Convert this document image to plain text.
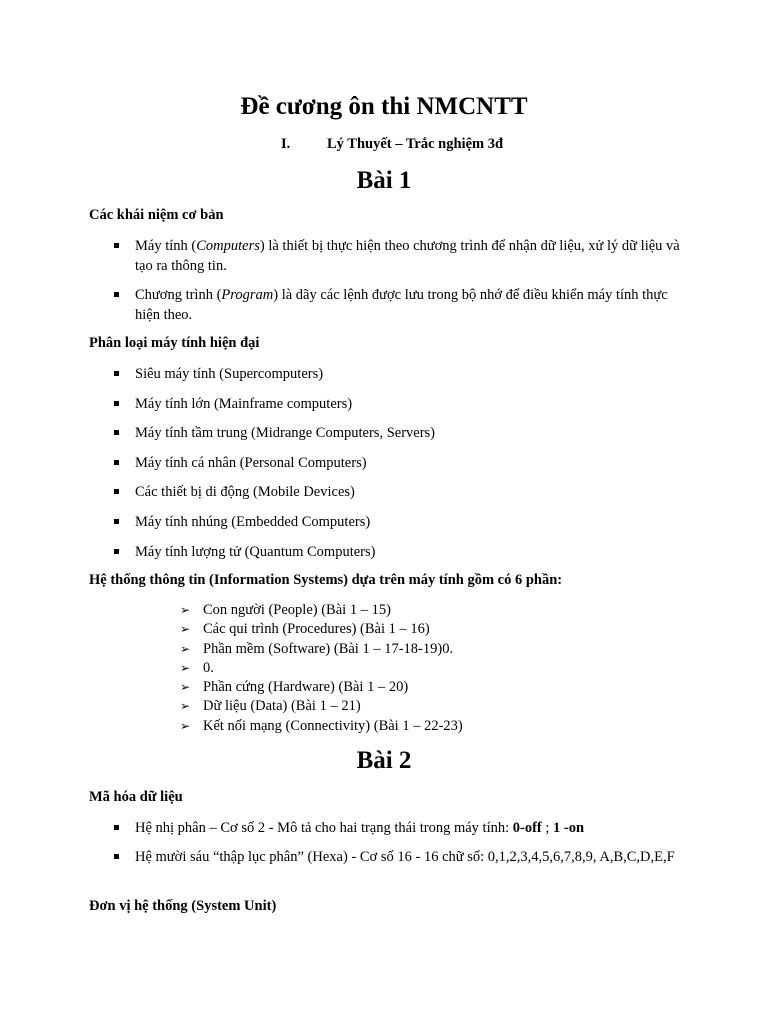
Đề cương ôn thi NMCNTT
I.	Lý Thuyết – Trắc nghiệm 3đ
Bài 1
Các khái niệm cơ bản
Máy tính (Computers) là thiết bị thực hiện theo chương trình để nhận dữ liệu, xử lý dữ liệu và tạo ra thông tin.
Chương trình (Program) là dãy các lệnh được lưu trong bộ nhớ để điều khiển máy tính thực hiện theo.
Phân loại máy tính hiện đại
Siêu máy tính (Supercomputers)
Máy tính lớn (Mainframe computers)
Máy tính tầm trung (Midrange Computers, Servers)
Máy tính cá nhân (Personal Computers)
Các thiết bị di động (Mobile Devices)
Máy tính nhúng (Embedded Computers)
Máy tính lượng tử (Quantum Computers)
Hệ thống thông tin (Information Systems) dựa trên máy tính gồm có 6 phần:
➢ Con người (People) (Bài 1 – 15)
➢ Các qui trình (Procedures) (Bài 1 – 16)
➢ Phần mềm (Software) (Bài 1 – 17-18-19)0.
➢ 0.
➢ Phần cứng (Hardware) (Bài 1 – 20)
➢ Dữ liệu (Data) (Bài 1 – 21)
➢ Kết nối mạng (Connectivity) (Bài 1 – 22-23)
Bài 2
Mã hóa dữ liệu
Hệ nhị phân – Cơ số 2 - Mô tả cho hai trạng thái trong máy tính: 0-off ; 1 -on
Hệ mười sáu “thập lục phân” (Hexa) - Cơ số 16 - 16 chữ số: 0,1,2,3,4,5,6,7,8,9, A,B,C,D,E,F
Đơn vị hệ thống (System Unit)
